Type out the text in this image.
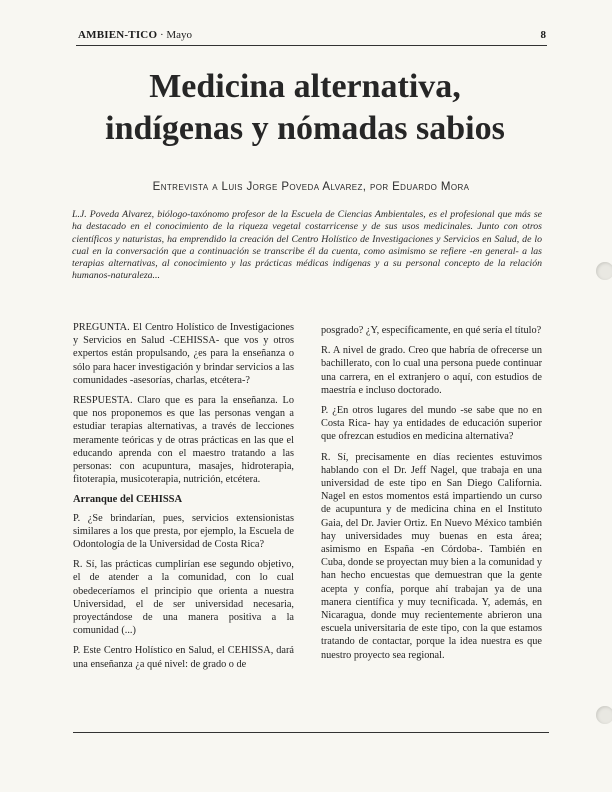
AMBIEN-TICO · Mayo	8
Medicina alternativa,
indígenas y nómadas sabios
Entrevista a Luis Jorge Poveda Alvarez, por Eduardo Mora
L.J. Poveda Alvarez, biólogo-taxónomo profesor de la Escuela de Ciencias Ambientales, es el profesional que más se ha destacado en el conocimiento de la riqueza vegetal costarricense y de sus usos medicinales. Junto con otros científicos y naturistas, ha emprendido la creación del Centro Holístico de Investigaciones y Servicios en Salud, de lo cual en la conversación que a continuación se transcribe él da cuenta, como asimismo se refiere -en general- a las terapias alternativas, al conocimiento y las prácticas médicas indígenas y a su personal concepto de la relación humanos-naturaleza...

PREGUNTA. El Centro Holístico de Investigaciones y Servicios en Salud -CEHISSA- que vos y otros expertos están propulsando, ¿es para la enseñanza o sólo para hacer investigación y brindar servicios a las comunidades -asesorías, charlas, etcétera-?

RESPUESTA. Claro que es para la enseñanza. Lo que nos proponemos es que las personas vengan a estudiar terapias alternativas, a través de lecciones meramente teóricas y de otras prácticas en las que el educando aprenda con el maestro tratando a las personas: con acupuntura, masajes, hidroterapia, fitoterapia, musicoterapia, nutrición, etcétera.

Arranque del CEHISSA

P. ¿Se brindarían, pues, servicios extensionistas similares a los que presta, por ejemplo, la Escuela de Odontología de la Universidad de Costa Rica?

R. Sí, las prácticas cumplirían ese segundo objetivo, el de atender a la comunidad, con lo cual obedeceríamos el principio que orienta a nuestra Universidad, el de ser universidad necesaria, proyectándose de una manera positiva a la comunidad (...)

P. Este Centro Holístico en Salud, el CEHISSA, dará una enseñanza ¿a qué nivel: de grado o de

posgrado? ¿Y, específicamente, en qué sería el título?

R. A nivel de grado. Creo que habría de ofrecerse un bachillerato, con lo cual una persona puede continuar una carrera, en el extranjero o aquí, con estudios de maestría e incluso doctorado.

P. ¿En otros lugares del mundo -se sabe que no en Costa Rica- hay ya entidades de educación superior que ofrezcan estudios en medicina alternativa?

R. Sí, precisamente en días recientes estuvimos hablando con el Dr. Jeff Nagel, que trabaja en una universidad de este tipo en San Diego California. Nagel en estos momentos está impartiendo un curso de acupuntura y de medicina china en el Instituto Gaia, del Dr. Javier Ortiz. En Nuevo México también hay universidades muy buenas en esta área; asimismo en España -en Córdoba-. También en Cuba, donde se proyectan muy bien a la comunidad y han hecho encuestas que demuestran que la gente acepta y confía, porque ahí trabajan ya de una manera científica y muy tecnificada. Y, además, en Nicaragua, donde muy recientemente abrieron una escuela universitaria de este tipo, con la que estamos tratando de contactar, porque la idea nuestra es que nuestro proyecto sea regional.
